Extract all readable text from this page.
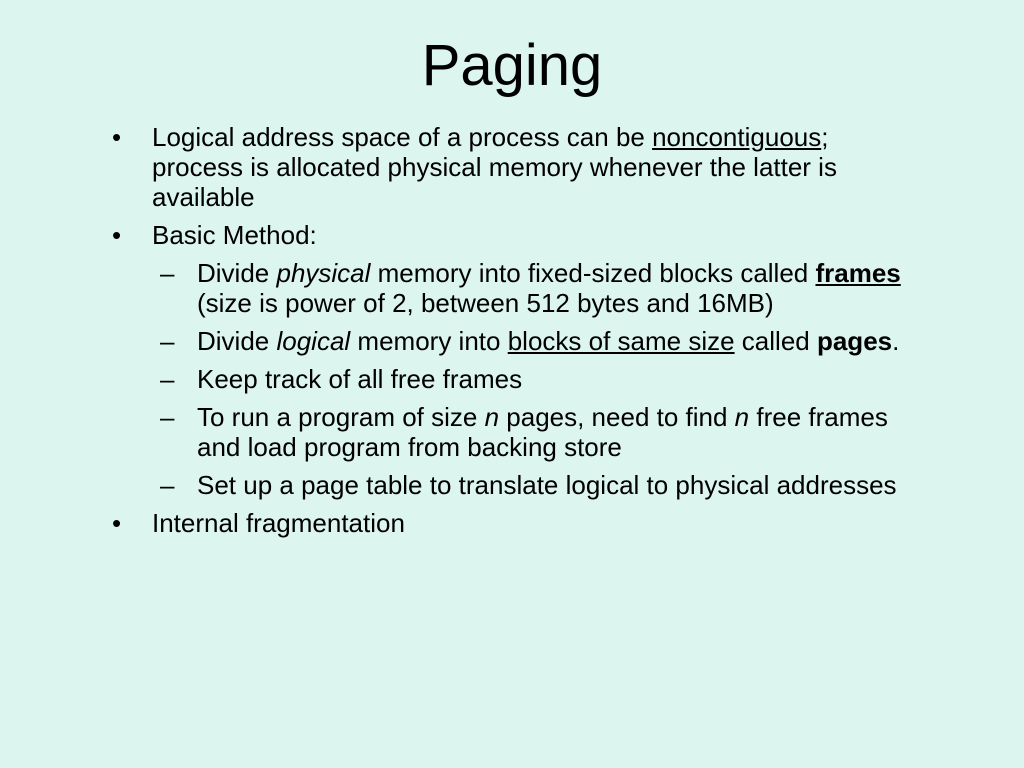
Paging
• Logical address space of a process can be noncontiguous; process is allocated physical memory whenever the latter is available
• Basic Method:
– Divide physical memory into fixed-sized blocks called frames (size is power of 2, between 512 bytes and 16MB)
– Divide logical memory into blocks of same size called pages.
– Keep track of all free frames
– To run a program of size n pages, need to find n free frames and load program from backing store
– Set up a page table to translate logical to physical addresses
• Internal fragmentation
